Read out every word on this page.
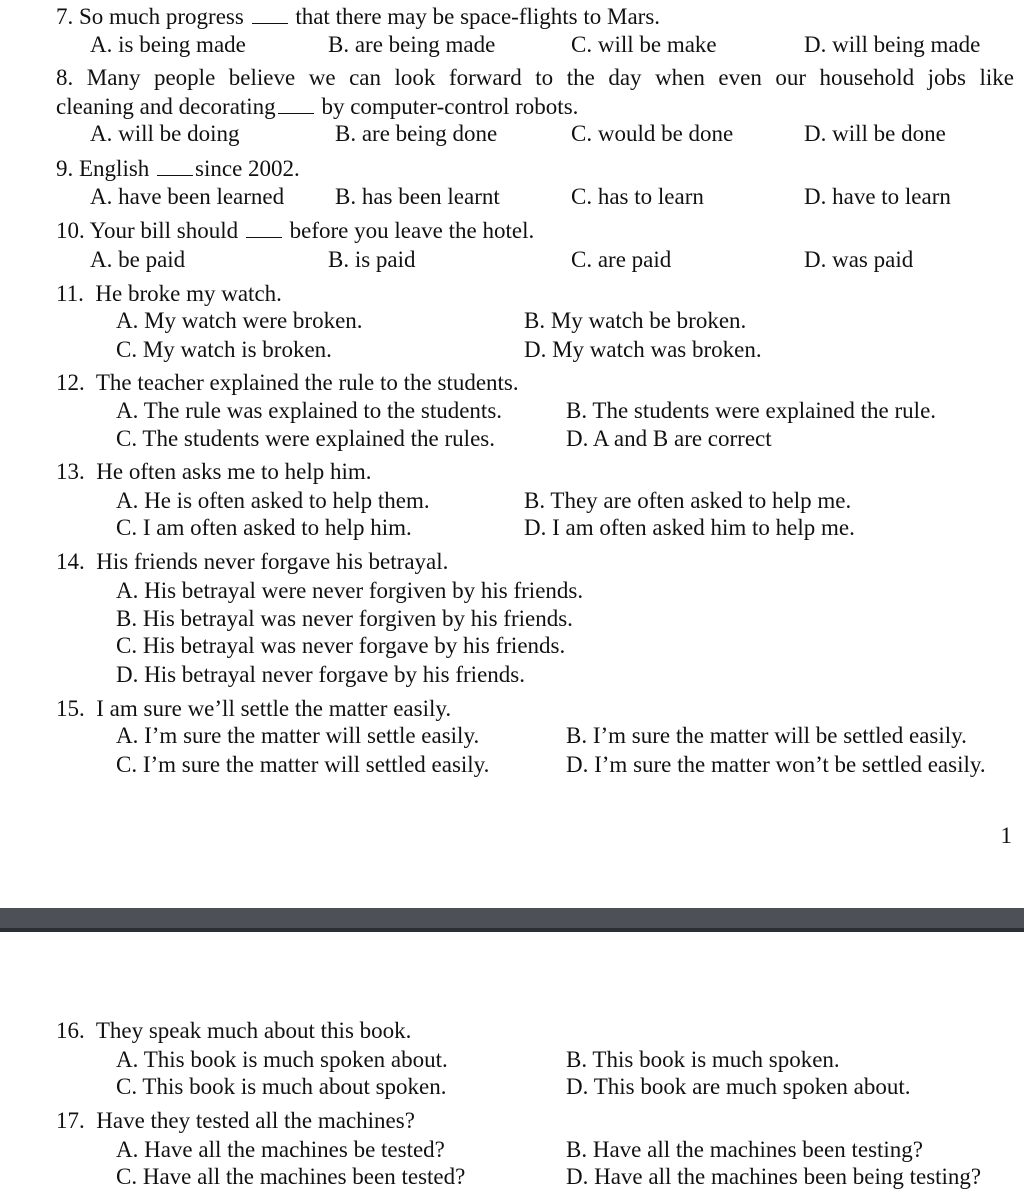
7. So much progress that there may be space-flights to Mars.
A. is being made	B. are being made	C. will be make	D. will being made
8. Many people believe we can look forward to the day when even our household jobs like
cleaning and decorating by computer-control robots.
A. will be doing	B. are being done	C. would be done	D. will be done
9. English since 2002.
A. have been learned B. has been learnt	C. has to learn	D. have to learn
10. Your bill should before you leave the hotel.
A. be paid	B. is paid	C. are paid	D. was paid
11. He broke my watch.
A. My watch were broken.	B. My watch be broken.
C. My watch is broken.	D. My watch was broken.
12. The teacher explained the rule to the students.
A. The rule was explained to the students.	B. The students were explained the rule.
C. The students were explained the rules.	D. A and B are correct
13. He often asks me to help him.
A. He is often asked to help them.	B. They are often asked to help me.
C. I am often asked to help him.	D. I am often asked him to help me.
14. His friends never forgave his betrayal.
A. His betrayal were never forgiven by his friends.
B. His betrayal was never forgiven by his friends.
C. His betrayal was never forgave by his friends.
D. His betrayal never forgave by his friends.
15. I am sure we’ll settle the matter easily.
A. I’m sure the matter will settle easily.	B. I’m sure the matter will be settled easily.
C. I’m sure the matter will settled easily.	D. I’m sure the matter won’t be settled easily.
1
16. They speak much about this book.
A. This book is much spoken about.	B. This book is much spoken.
C. This book is much about spoken.	D. This book are much spoken about.
17. Have they tested all the machines?
A. Have all the machines be tested?	B. Have all the machines been testing?
C. Have all the machines been tested?	D. Have all the machines been being testing?
